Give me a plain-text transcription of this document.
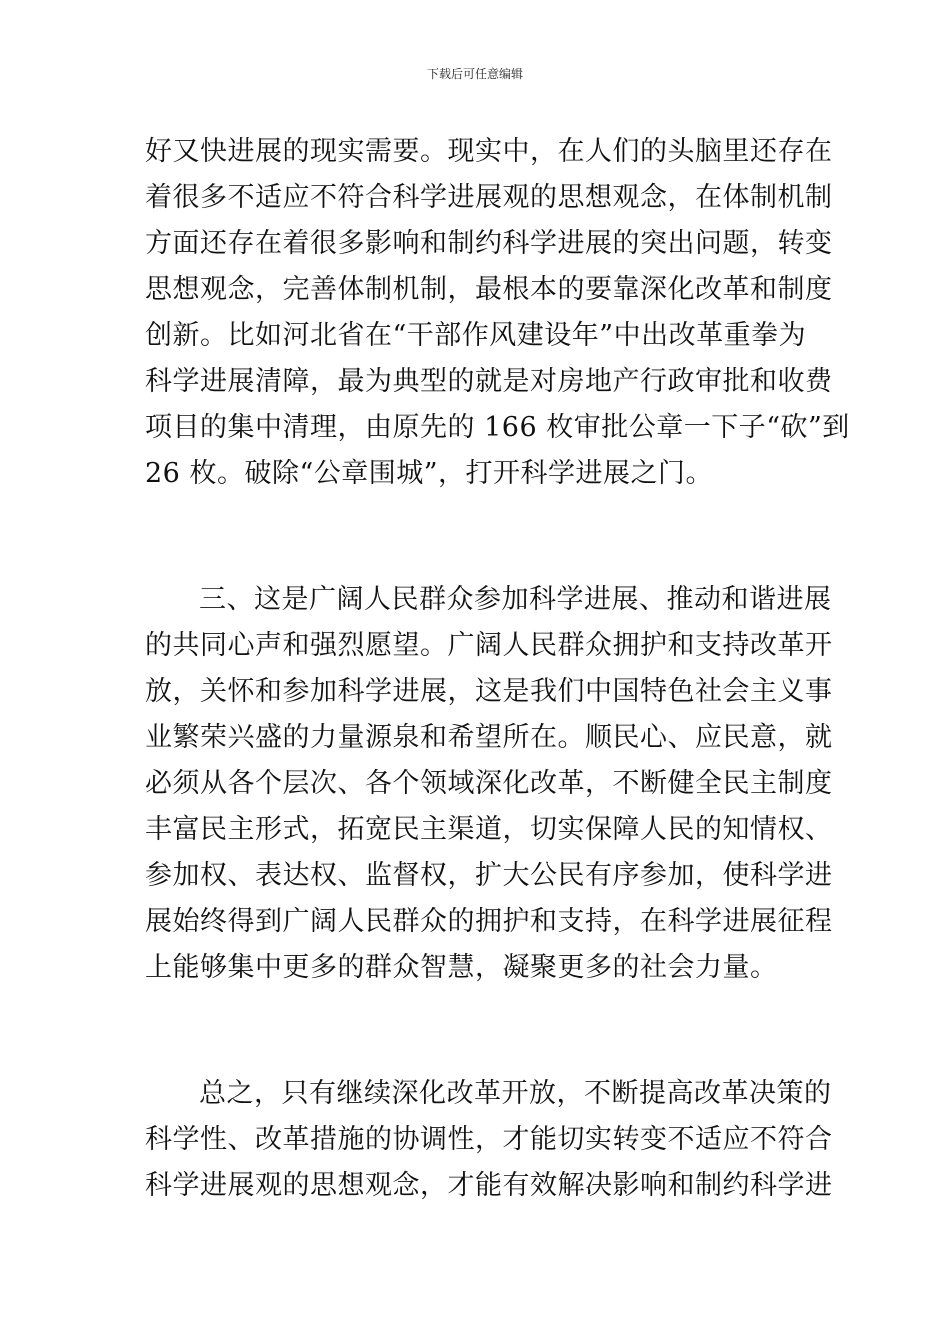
下载后可任意编辑
好又快进展的现实需要。现实中，在人们的头脑里还存在
着很多不适应不符合科学进展观的思想观念，在体制机制
方面还存在着很多影响和制约科学进展的突出问题，转变
思想观念，完善体制机制，最根本的要靠深化改革和制度
创新。比如河北省在“干部作风建设年”中出改革重拳为
科学进展清障，最为典型的就是对房地产行政审批和收费
项目的集中清理，由原先的 166 枚审批公章一下子“砍”到
26 枚。破除“公章围城”，打开科学进展之门。
三、这是广阔人民群众参加科学进展、推动和谐进展
的共同心声和强烈愿望。广阔人民群众拥护和支持改革开
放，关怀和参加科学进展，这是我们中国特色社会主义事
业繁荣兴盛的力量源泉和希望所在。顺民心、应民意，就
必须从各个层次、各个领域深化改革，不断健全民主制度
丰富民主形式，拓宽民主渠道，切实保障人民的知情权、
参加权、表达权、监督权，扩大公民有序参加，使科学进
展始终得到广阔人民群众的拥护和支持，在科学进展征程
上能够集中更多的群众智慧，凝聚更多的社会力量。
总之，只有继续深化改革开放，不断提高改革决策的
科学性、改革措施的协调性，才能切实转变不适应不符合
科学进展观的思想观念，才能有效解决影响和制约科学进
